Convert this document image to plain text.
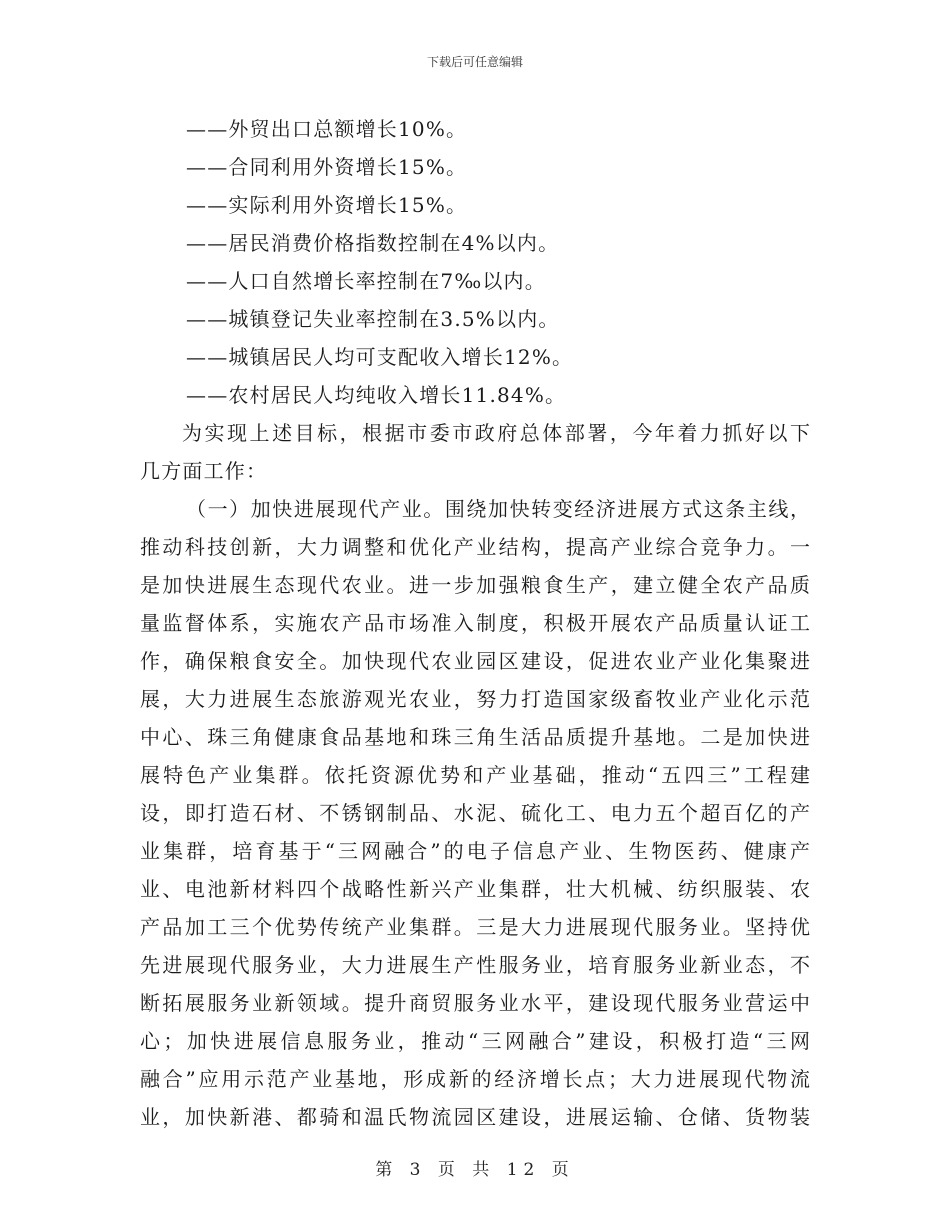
下载后可任意编辑
——外贸出口总额增长10%。
——合同利用外资增长15%。
——实际利用外资增长15%。
——居民消费价格指数控制在4%以内。
——人口自然增长率控制在7‰以内。
——城镇登记失业率控制在3.5%以内。
——城镇居民人均可支配收入增长12%。
——农村居民人均纯收入增长11.84%。
为实现上述目标，根据市委市政府总体部署，今年着力抓好以下
几方面工作：
（一）加快进展现代产业。围绕加快转变经济进展方式这条主线，
推动科技创新，大力调整和优化产业结构，提高产业综合竞争力。一
是加快进展生态现代农业。进一步加强粮食生产，建立健全农产品质
量监督体系，实施农产品市场准入制度，积极开展农产品质量认证工
作，确保粮食安全。加快现代农业园区建设，促进农业产业化集聚进
展，大力进展生态旅游观光农业，努力打造国家级畜牧业产业化示范
中心、珠三角健康食品基地和珠三角生活品质提升基地。二是加快进
展特色产业集群。依托资源优势和产业基础，推动“五四三”工程建
设，即打造石材、不锈钢制品、水泥、硫化工、电力五个超百亿的产
业集群，培育基于“三网融合”的电子信息产业、生物医药、健康产
业、电池新材料四个战略性新兴产业集群，壮大机械、纺织服装、农
产品加工三个优势传统产业集群。三是大力进展现代服务业。坚持优
先进展现代服务业，大力进展生产性服务业，培育服务业新业态，不
断拓展服务业新领域。提升商贸服务业水平，建设现代服务业营运中
心；加快进展信息服务业，推动“三网融合”建设，积极打造“三网
融合”应用示范产业基地，形成新的经济增长点；大力进展现代物流
业，加快新港、都骑和温氏物流园区建设，进展运输、仓储、货物装
第 3 页 共 12 页
